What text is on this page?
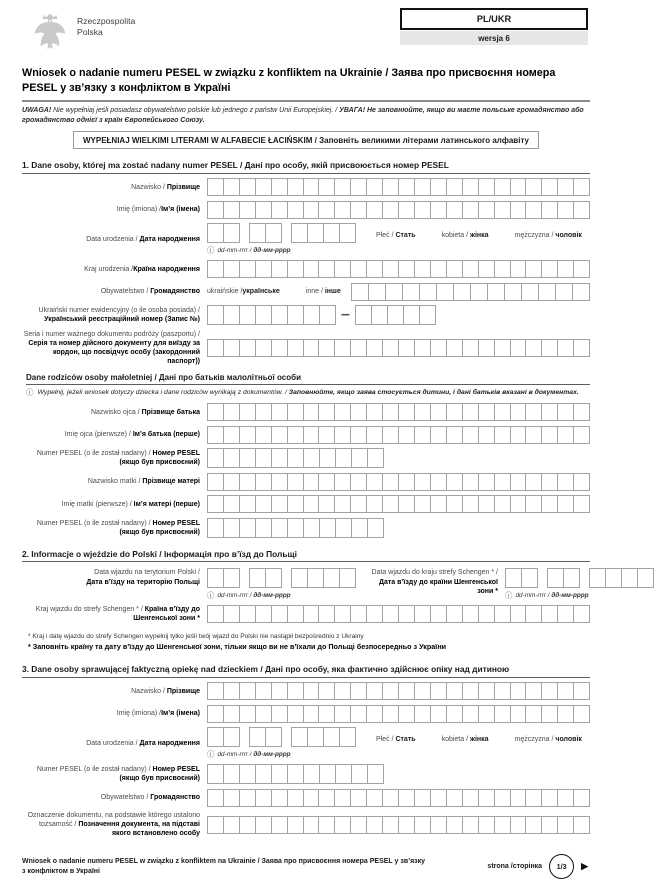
Rzeczpospolita
Polska
PL/UKR
wersja 6
Wniosek o nadanie numeru PESEL w związku z konfliktem na Ukrainie / Заява про присвоєння номера PESEL у зв’язку з конфліктом в Україні
UWAGA! Nie wypełniaj jeśli posiadasz obywatelstwo polskie lub jednego z państw Unii Europejskiej. / УВАГА! Не заповнюйте, якщо ви маєте польське громадянство або громадянство однієї з країн Європейського Союзу.
WYPEŁNIAJ WIELKIMI LITERAMI W ALFABECIE ŁACIŃSKIM / Заповніть великими літерами латинського алфавіту
1. Dane osoby, której ma zostać nadany numer PESEL / Дані про особу, якій присвоюється номер PESEL
Nazwisko / Прізвище
Imię (imiona) /Ім’я (імена)
Data urodzenia / Дата народження
ⓘ dd-mm-rrrr / дд-мм-рррр
Płeć / Стать	kobieta / жінка	mężczyzna / чоловік
Kraj urodzenia /Країна народження
Obywatelstwo / Громадянство	ukraińskie /українське	inne / інше
Ukraiński numer ewidencyjny (o ile osoba posiada) / Український реєстраційний номер (Запис №)	–
Seria i numer ważnego dokumentu podróży (paszportu) / Серія та номер дійсного документу для виїзду за кордон, що посвідчує особу (закордонний паспорт))
Dane rodziców osoby małoletniej / Дані про батьків малолітньої особи
ⓘ Wypełnij, jeżeli wniosek dotyczy dziecka i dane rodziców wynikają z dokumentów. / Заповнюйте, якщо заява стосується дитини, і дані батьків вказані в документах.
Nazwisko ojca / Прізвище батька
Imię ojca (pierwsze) / Ім’я батька (перше)
Numer PESEL (o ile został nadany) / Номер PESEL (якщо був присвоєний)
Nazwisko matki / Прізвище матері
Imię matki (pierwsze) / Ім’я матері (перше)
Numer PESEL (o ile został nadany) / Номер PESEL (якщо був присвоєний)
2. Informacje o wjeździe do Polski / Інформація про в’їзд до Польщі
Data wjazdu na terytorium Polski /
Дата в’їзду на територію Польщі
ⓘ dd-mm-rrrr / дд-мм-рррр
Data wjazdu do kraju strefy Schengen * / Дата в’їзду до країни Шенгенської зони * ⓘ dd-mm-rrrr / дд-мм-рррр
Kraj wjazdu do strefy Schengen * / Країна в’їзду до Шенгенської зони *
* Kraj i datę wjazdu do strefy Schengen wypełnij tylko jeśli twój wjazd do Polski nie nastąpił bezpośrednio z Ukrainy
* Заповніть країну та дату в’їзду до Шенгенської зони, тільки якщо ви не в’їхали до Польщі безпосередньо з України
3. Dane osoby sprawującej faktyczną opiekę nad dzieckiem / Дані про особу, яка фактично здійснює опіку над дитиною
Nazwisko / Прізвище
Imię (imiona) /Ім’я (імена)
Data urodzenia / Дата народження
ⓘ dd-mm-rrrr / дд-мм-рррр
Płeć / Стать	kobieta / жінка	mężczyzna / чоловік
Numer PESEL (o ile został nadany) / Номер PESEL (якщо був присвоєний)
Obywatelstwo / Громадянство
Oznaczenie dokumentu, na podstawie którego ustalono tożsamość / Позначення документа, на підставі якого встановлено особу
Wniosek o nadanie numeru PESEL w związku z konfliktem na Ukrainie / Заява про присвоєння номера PESEL у зв’язку з конфліктом в Україні
strona /сторінка	1/3	▶
